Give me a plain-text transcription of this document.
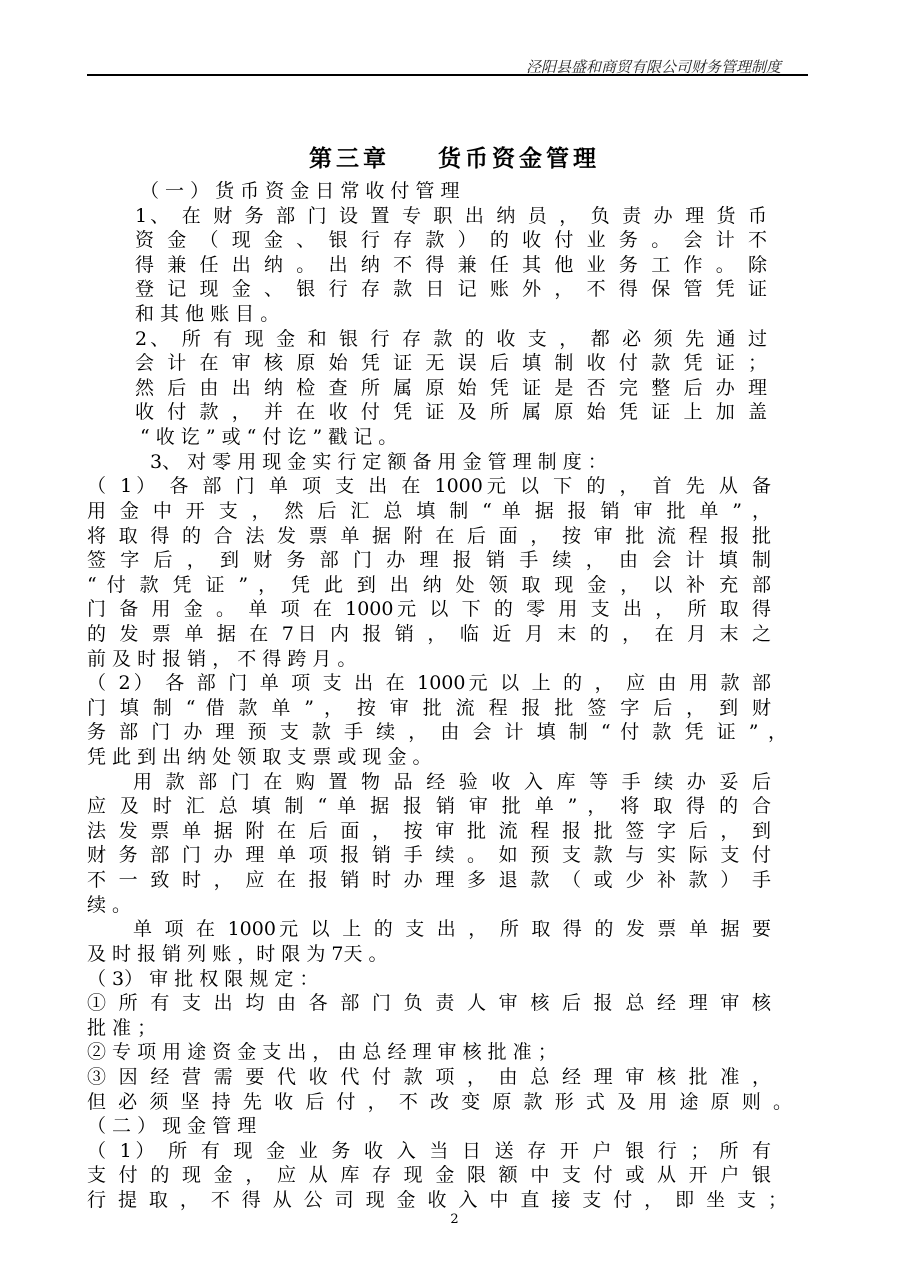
泾阳县盛和商贸有限公司财务管理制度
第三章    货币资金管理
（ 一 ） 货 币 资 金 日 常 收 付 管 理
1、 在 财 务 部 门 设 置 专 职 出 纳 员 ， 负 责 办 理 货 币
资 金 （ 现 金 、 银 行 存 款 ） 的 收 付 业 务 。 会 计 不
得 兼 任 出 纳 。 出 纳 不 得 兼 任 其 他 业 务 工 作 。 除
登 记 现 金 、 银 行 存 款 日 记 账 外 ， 不 得 保 管 凭 证
和 其 他 账 目 。
2、 所 有 现 金 和 银 行 存 款 的 收 支 ， 都 必 须 先 通 过
会 计 在 审 核 原 始 凭 证 无 误 后 填 制 收 付 款 凭 证 ；
然 后 由 出 纳 检 查 所 属 原 始 凭 证 是 否 完 整 后 办 理
收 付 款 ， 并 在 收 付 凭 证 及 所 属 原 始 凭 证 上 加 盖
“ 收 讫 ” 或 “ 付 讫 ” 戳 记 。
3、 对 零 用 现 金 实 行 定 额 备 用 金 管 理 制 度 ：
（ 1） 各 部 门 单 项 支 出 在 1000元 以 下 的 ， 首 先 从 备
用 金 中 开 支 ， 然 后 汇 总 填 制 “ 单 据 报 销 审 批 单 ” ，
将 取 得 的 合 法 发 票 单 据 附 在 后 面 ， 按 审 批 流 程 报 批
签 字 后 ， 到 财 务 部 门 办 理 报 销 手 续 ， 由 会 计 填 制
“ 付 款 凭 证 ” ， 凭 此 到 出 纳 处 领 取 现 金 ， 以 补 充 部
门 备 用 金 。 单 项 在 1000元 以 下 的 零 用 支 出 ， 所 取 得
的 发 票 单 据 在 7日 内 报 销 ， 临 近 月 末 的 ， 在 月 末 之
前 及 时 报 销 ， 不 得 跨 月 。
（ 2） 各 部 门 单 项 支 出 在 1000元 以 上 的 ， 应 由 用 款 部
门 填 制 “ 借 款 单 ” ， 按 审 批 流 程 报 批 签 字 后 ， 到 财
务 部 门 办 理 预 支 款 手 续 ， 由 会 计 填 制 “ 付 款 凭 证 ” ，
凭 此 到 出 纳 处 领 取 支 票 或 现 金 。
用 款 部 门 在 购 置 物 品 经 验 收 入 库 等 手 续 办 妥 后
应 及 时 汇 总 填 制 “ 单 据 报 销 审 批 单 ” ， 将 取 得 的 合
法 发 票 单 据 附 在 后 面 ， 按 审 批 流 程 报 批 签 字 后 ， 到
财 务 部 门 办 理 单 项 报 销 手 续 。 如 预 支 款 与 实 际 支 付
不 一 致 时 ， 应 在 报 销 时 办 理 多 退 款 （ 或 少 补 款 ） 手
续 。
单 项 在 1000元 以 上 的 支 出 ， 所 取 得 的 发 票 单 据 要
及 时 报 销 列 账 ，时 限 为 7天 。
（ 3） 审 批 权 限 规 定 ：
① 所 有 支 出 均 由 各 部 门 负 责 人 审 核 后 报 总 经 理 审 核
批 准 ；
② 专 项 用 途 资 金 支 出 ， 由 总 经 理 审 核 批 准 ；
③ 因 经 营 需 要 代 收 代 付 款 项 ， 由 总 经 理 审 核 批 准 ，
但 必 须 坚 持 先 收 后 付 ， 不 改 变 原 款 形 式 及 用 途 原 则 。
（ 二 ） 现 金 管 理
（ 1） 所 有 现 金 业 务 收 入 当 日 送 存 开 户 银 行 ； 所 有
支 付 的 现 金 ， 应 从 库 存 现 金 限 额 中 支 付 或 从 开 户 银
行 提 取 ， 不 得 从 公 司 现 金 收 入 中 直 接 支 付 ， 即 坐 支 ；
2
